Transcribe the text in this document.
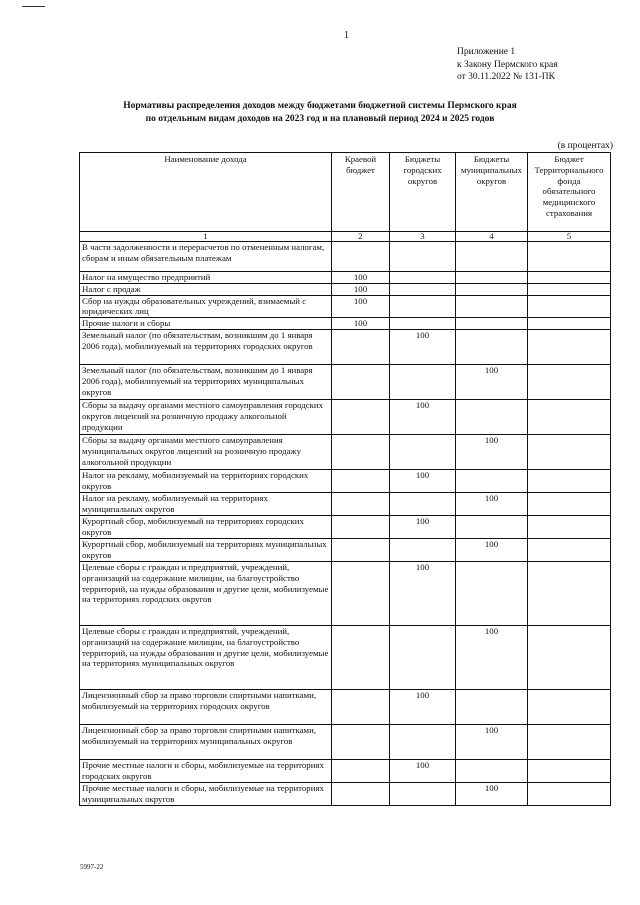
1
Приложение 1
к Закону Пермского края
от 30.11.2022 № 131-ПК
Нормативы распределения доходов между бюджетами бюджетной системы Пермского края
по отдельным видам доходов на 2023 год и на плановый период 2024 и 2025 годов
(в процентах)
Наименование дохода	Краевой бюджет	Бюджеты городских округов	Бюджеты муниципальных округов	Бюджет Территориального фонда обязательного медицинского страхования
1	2	3	4	5
В части задолженности и перерасчетов по отмененным налогам, сборам и иным обязательным платежам				
Налог на имущество предприятий	100			
Налог с продаж	100			
Сбор на нужды образовательных учреждений, взимаемый с юридических лиц	100			
Прочие налоги и сборы	100			
Земельный налог (по обязательствам, возникшим до 1 января 2006 года), мобилизуемый на территориях городских округов		100		
Земельный налог (по обязательствам, возникшим до 1 января 2006 года), мобилизуемый на территориях муниципальных округов			100	
Сборы за выдачу органами местного самоуправления городских округов лицензий на розничную продажу алкогольной продукции		100		
Сборы за выдачу органами местного самоуправления муниципальных округов лицензий на розничную продажу алкогольной продукции			100	
Налог на рекламу, мобилизуемый на территориях городских округов		100		
Налог на рекламу, мобилизуемый на территориях муниципальных округов			100	
Курортный сбор, мобилизуемый на территориях городских округов		100		
Курортный сбор, мобилизуемый на территориях муниципальных округов			100	
Целевые сборы с граждан и предприятий, учреждений, организаций на содержание милиции, на благоустройство территорий, на нужды образования и другие цели, мобилизуемые на территориях городских округов		100		
Целевые сборы с граждан и предприятий, учреждений, организаций на содержание милиции, на благоустройство территорий, на нужды образования и другие цели, мобилизуемые на территориях муниципальных округов			100	
Лицензионный сбор за право торговли спиртными напитками, мобилизуемый на территориях городских округов		100		
Лицензионный сбор за право торговли спиртными напитками, мобилизуемый на территориях муниципальных округов			100	
Прочие местные налоги и сборы, мобилизуемые на территориях городских округов		100		
Прочие местные налоги и сборы, мобилизуемые на территориях муниципальных округов			100	
5997-22
